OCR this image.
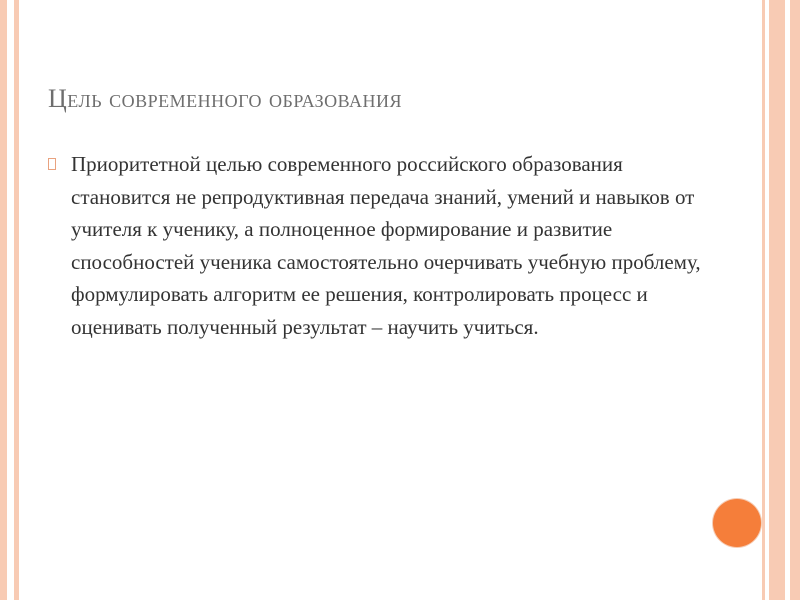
Цель современного образования
Приоритетной целью современного российского образования становится не репродуктивная передача знаний, умений и навыков от учителя к ученику, а полноценное формирование и развитие способностей ученика самостоятельно очерчивать учебную проблему, формулировать алгоритм ее решения, контролировать процесс и оценивать полученный результат – научить учиться.
